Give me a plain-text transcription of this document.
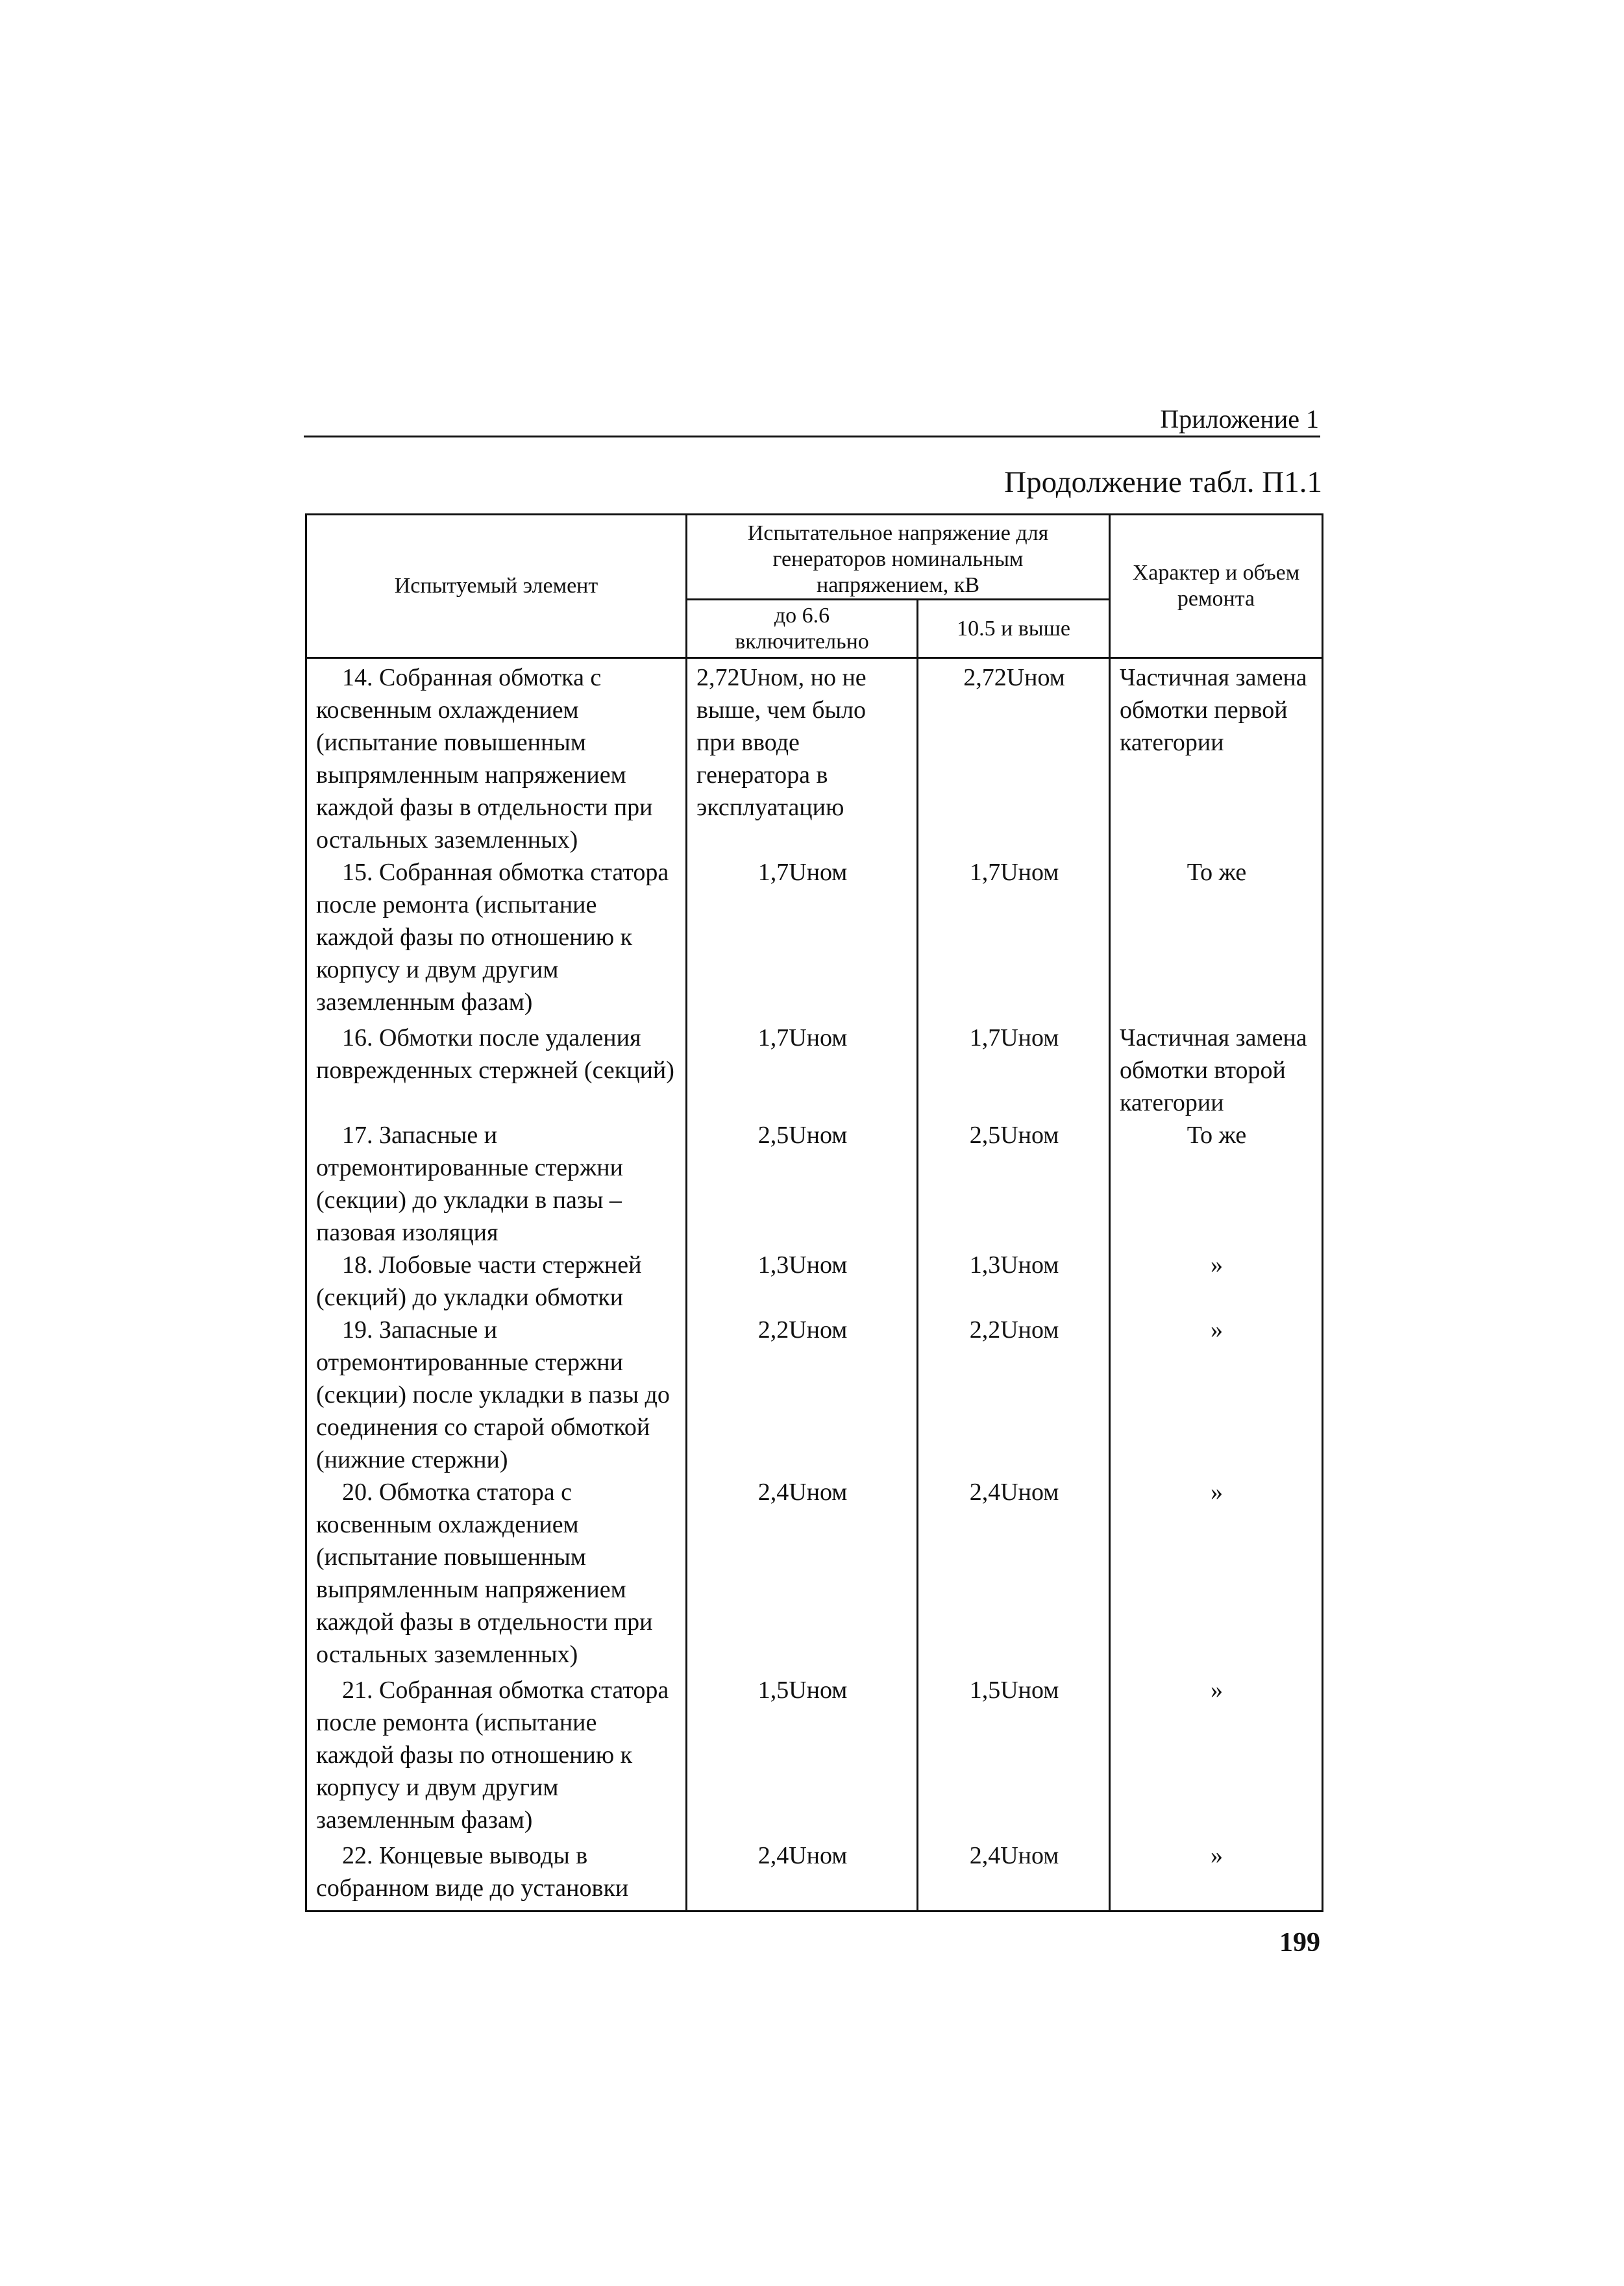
Приложение 1
Продолжение табл. П1.1
Испытуемый элемент	Испытательное напряжение для генераторов номинальным напряжением, кВ		Характер и объем ремонта
	до 6.6 включительно	10.5 и выше	

14. Собранная обмотка с косвенным охлаждением (испытание повышенным выпрямленным напряжением каждой фазы в отдельности при остальных заземленных)	2,72Uном, но не выше, чем было при вводе генератора в эксплуатацию	2,72Uном	Частичная замена обмотки первой категории

15. Собранная обмотка статора после ремонта (испытание каждой фазы по отношению к корпусу и двум другим заземленным фазам)	1,7Uном	1,7Uном	То же

16. Обмотки после удаления поврежденных стержней (секций)	1,7Uном	1,7Uном	Частичная замена обмотки второй категории

17. Запасные и отремонтированные стержни (секции) до укладки в пазы – пазовая изоляция	2,5Uном	2,5Uном	То же

18. Лобовые части стержней (секций) до укладки обмотки	1,3Uном	1,3Uном	»

19. Запасные и отремонтированные стержни (секции) после укладки в пазы до соединения со старой обмоткой (нижние стержни)	2,2Uном	2,2Uном	»

20. Обмотка статора с косвенным охлаждением (испытание повышенным выпрямленным напряжением каждой фазы в отдельности при остальных заземленных)	2,4Uном	2,4Uном	»

21. Собранная обмотка статора после ремонта (испытание каждой фазы по отношению к корпусу и двум другим заземленным фазам)	1,5Uном	1,5Uном	»

22. Концевые выводы в собранном виде до установки	2,4Uном	2,4Uном	»
199
